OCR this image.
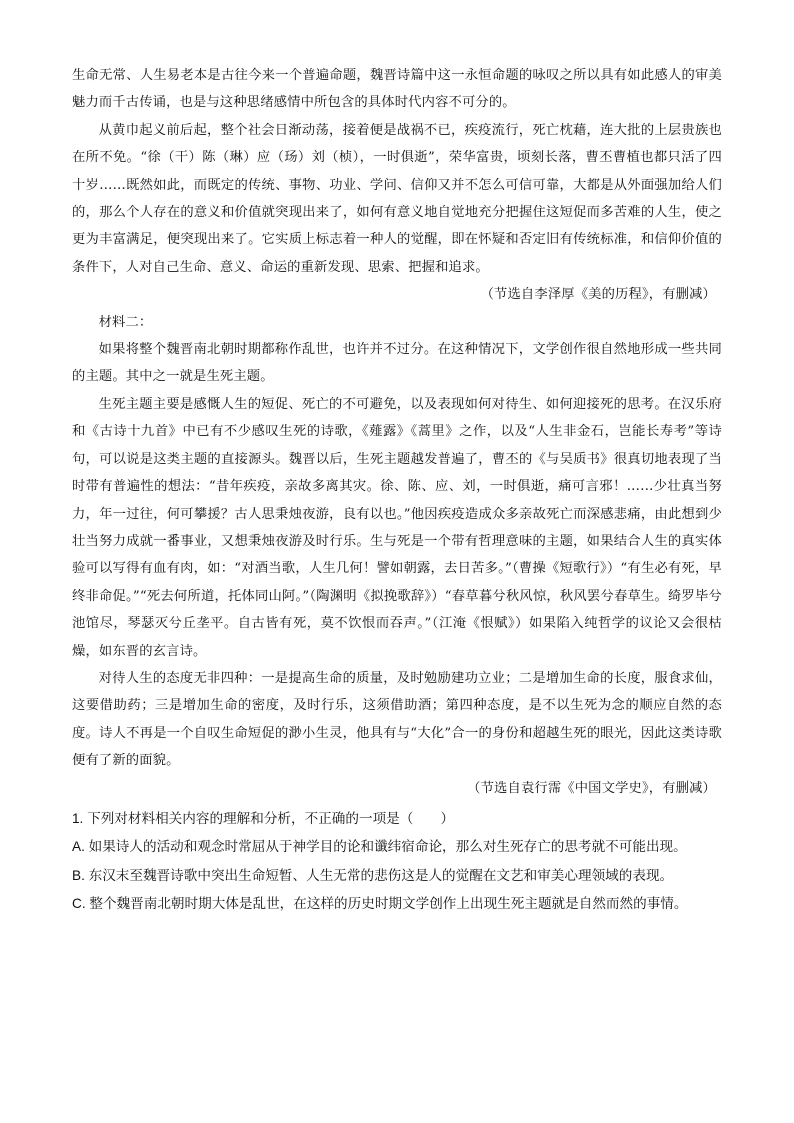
生命无常、人生易老本是古往今来一个普遍命题，魏晋诗篇中这一永恒命题的咏叹之所以具有如此感人的审美魅力而千古传诵，也是与这种思绪感情中所包含的具体时代内容不可分的。

从黄巾起义前后起，整个社会日渐动荡，接着便是战祸不已，疾疫流行，死亡枕藉，连大批的上层贵族也在所不免。“徐（干）陈（琳）应（玚）刘（桢），一时俱逝”，荣华富贵，顷刻长落，曹丕曹植也都只活了四十岁……既然如此，而既定的传统、事物、功业、学问、信仰又并不怎么可信可靠，大都是从外面强加给人们的，那么个人存在的意义和价值就突现出来了，如何有意义地自觉地充分把握住这短促而多苦难的人生，使之更为丰富满足，便突现出来了。它实质上标志着一种人的觉醒，即在怀疑和否定旧有传统标准，和信仰价值的条件下，人对自己生命、意义、命运的重新发现、思索、把握和追求。

（节选自李泽厚《美的历程》，有删减）

材料二：

如果将整个魏晋南北朝时期都称作乱世，也许并不过分。在这种情况下，文学创作很自然地形成一些共同的主题。其中之一就是生死主题。

生死主题主要是感慨人生的短促、死亡的不可避免，以及表现如何对待生、如何迎接死的思考。在汉乐府和《古诗十九首》中已有不少感叹生死的诗歌，《薤露》《蒿里》之作，以及“人生非金石，岂能长寿考”等诗句，可以说是这类主题的直接源头。魏晋以后，生死主题越发普遍了，曹丕的《与吴质书》很真切地表现了当时带有普遍性的想法：“昔年疾疫，亲故多离其灾。徐、陈、应、刘，一时俱逝，痛可言邪！……少壮真当努力，年一过往，何可攀援？古人思秉烛夜游，良有以也。”他因疾疫造成众多亲故死亡而深感悲痛，由此想到少壮当努力成就一番事业，又想秉烛夜游及时行乐。生与死是一个带有哲理意味的主题，如果结合人生的真实体验可以写得有血有肉，如：“对酒当歌，人生几何！譬如朝露，去日苦多。”（曹操《短歌行》）“有生必有死，早终非命促。”“死去何所道，托体同山阿。”（陶渊明《拟挽歌辞》）“春草暮兮秋风惊，秋风罢兮春草生。绮罗毕兮池馆尽，琴瑟灭兮丘垄平。自古皆有死，莫不饮恨而吞声。”（江淹《恨赋》）如果陷入纯哲学的议论又会很枯燥，如东晋的玄言诗。

对待人生的态度无非四种：一是提高生命的质量，及时勉励建功立业；二是增加生命的长度，服食求仙，这要借助药；三是增加生命的密度，及时行乐，这须借助酒；第四种态度，是不以生死为念的顺应自然的态度。诗人不再是一个自叹生命短促的渺小生灵，他具有与“大化”合一的身份和超越生死的眼光，因此这类诗歌便有了新的面貌。

（节选自袁行霈《中国文学史》，有删减）

1. 下列对材料相关内容的理解和分析，不正确的一项是（　　）

A. 如果诗人的活动和观念时常屈从于神学目的论和谶纬宿命论，那么对生死存亡的思考就不可能出现。

B. 东汉末至魏晋诗歌中突出生命短暂、人生无常的悲伤这是人的觉醒在文艺和审美心理领域的表现。

C. 整个魏晋南北朝时期大体是乱世，在这样的历史时期文学创作上出现生死主题就是自然而然的事情。
